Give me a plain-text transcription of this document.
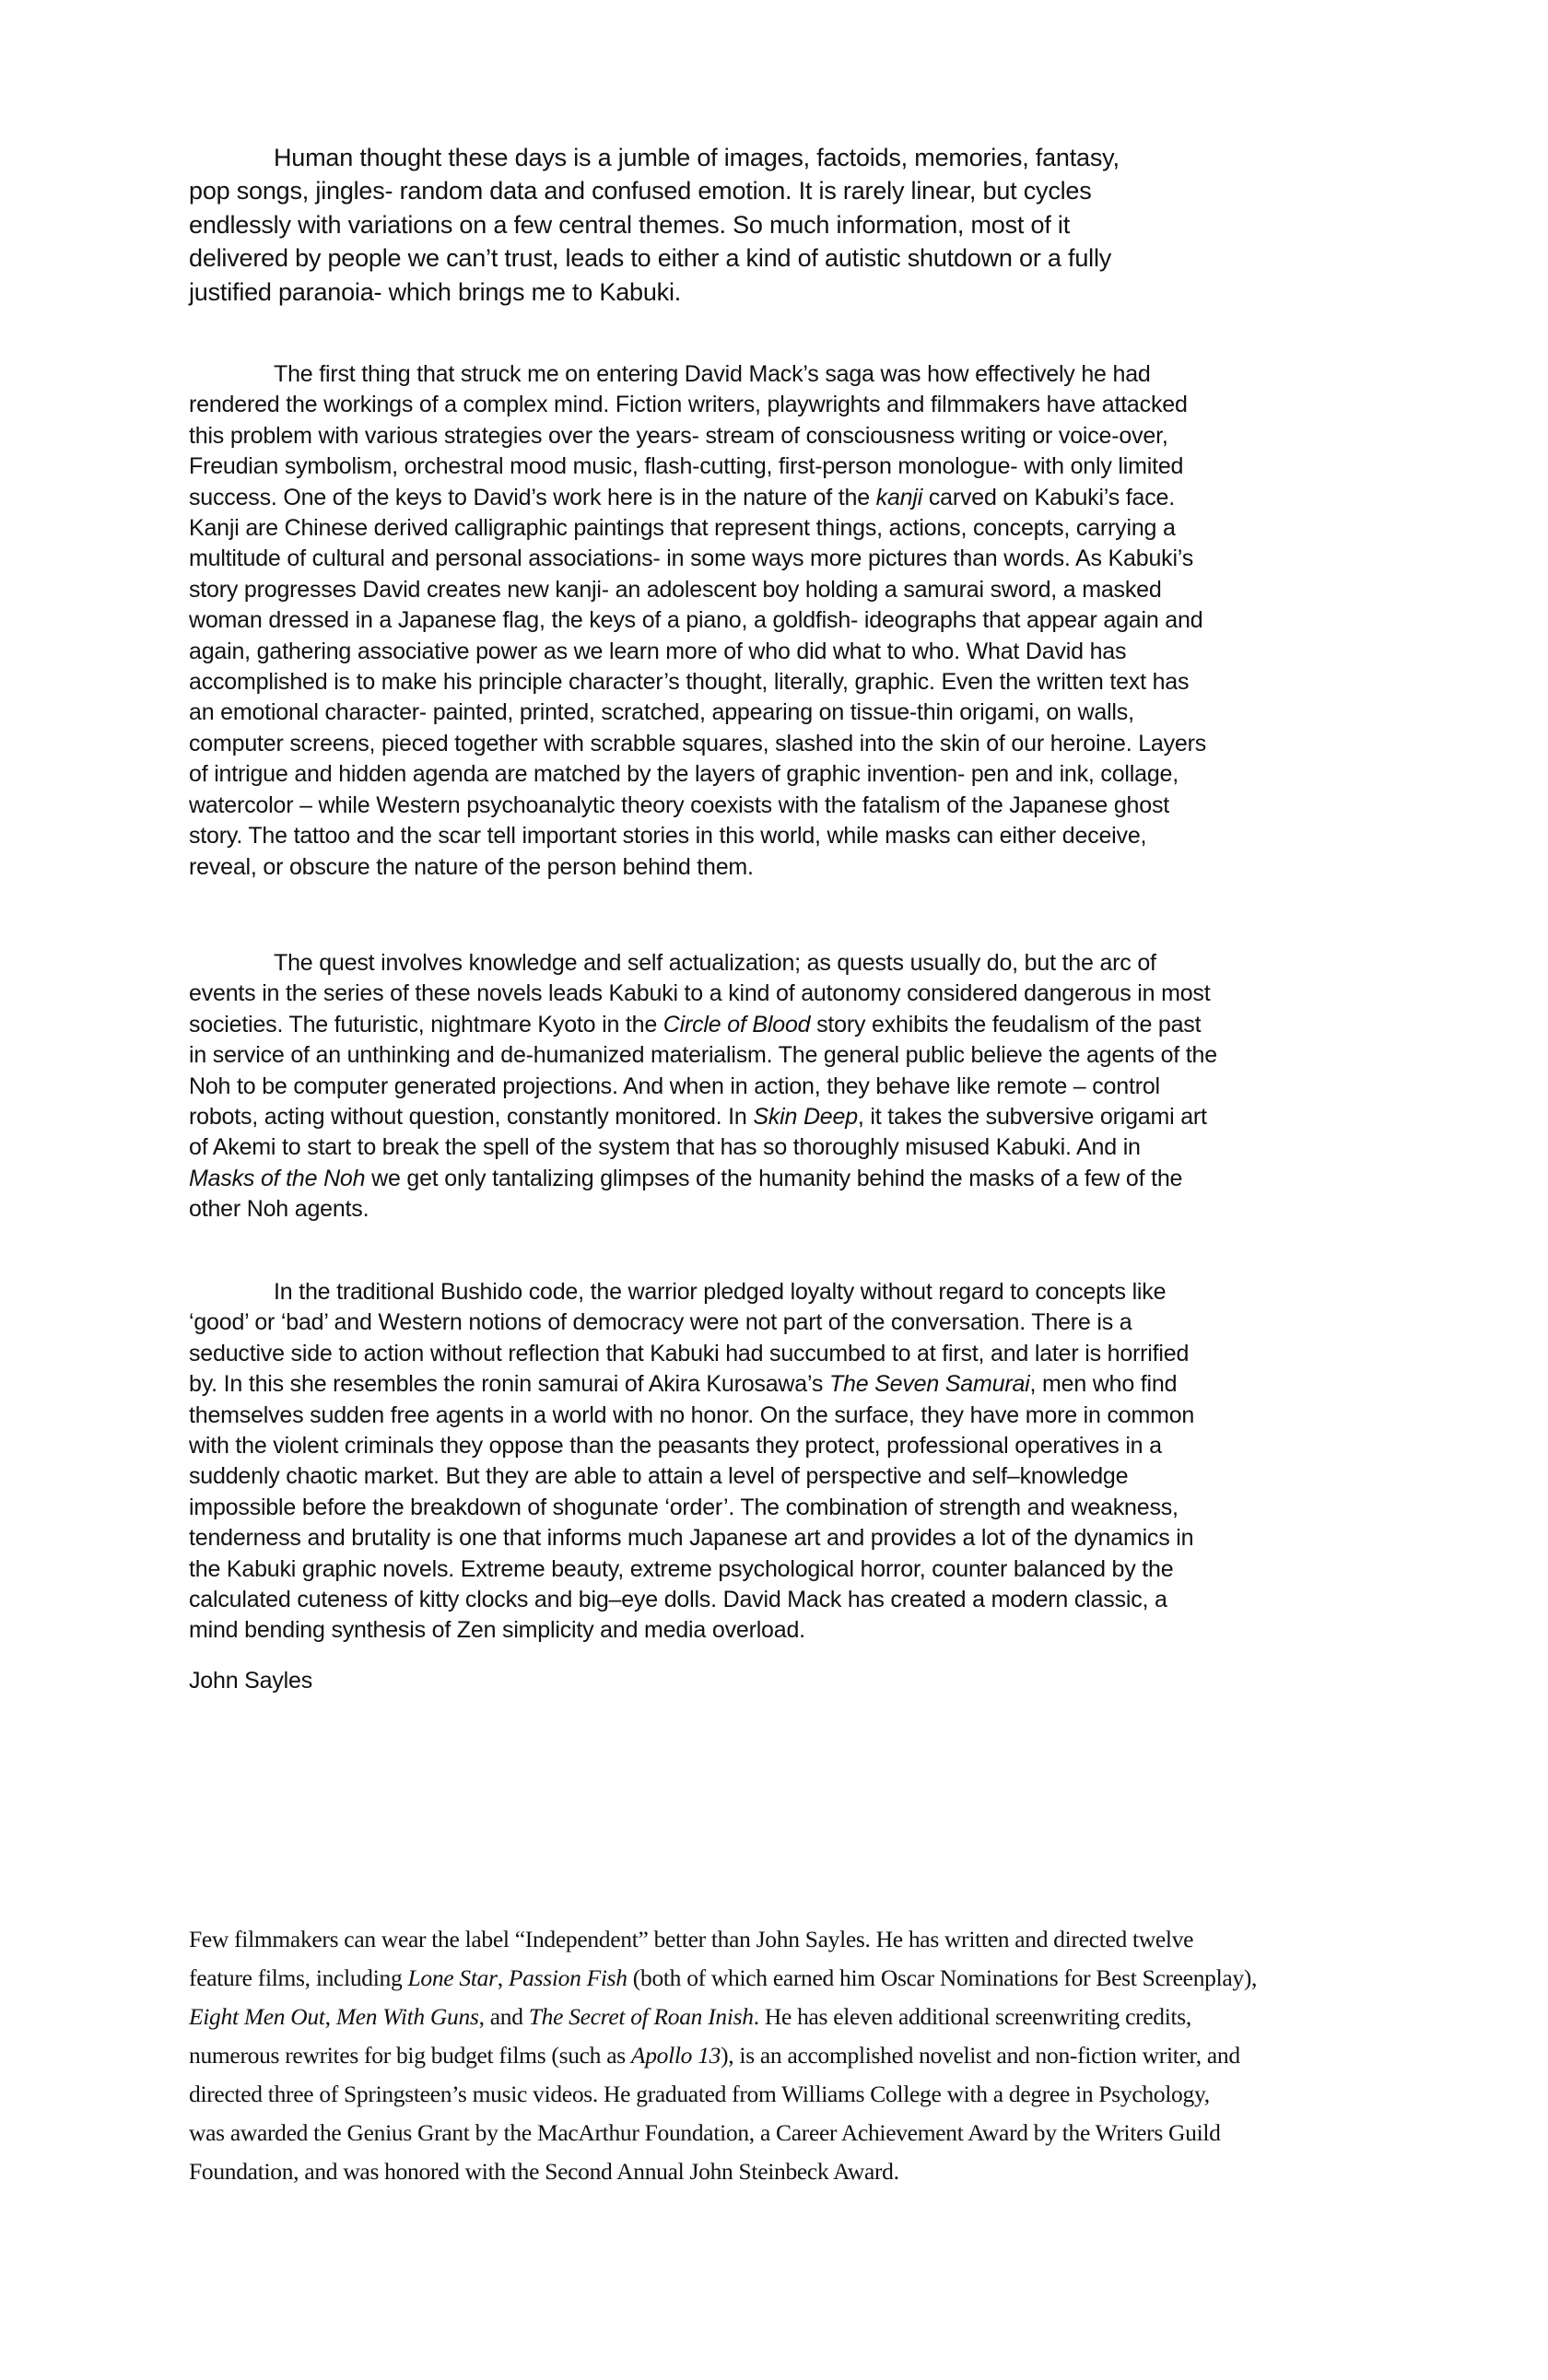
Human thought these days is a jumble of images, factoids, memories, fantasy,
pop songs, jingles- random data and confused emotion. It is rarely linear, but cycles
endlessly with variations on a few central themes. So much information, most of it
delivered by people we can’t trust, leads to either a kind of autistic shutdown or a fully
justified paranoia- which brings me to Kabuki.
The first thing that struck me on entering David Mack’s saga was how effectively he had
rendered the workings of a complex mind. Fiction writers, playwrights and filmmakers have attacked
this problem with various strategies over the years- stream of consciousness writing or voice-over,
Freudian symbolism, orchestral mood music, flash-cutting, first-person monologue- with only limited
success. One of the keys to David’s work here is in the nature of the kanji carved on Kabuki’s face.
Kanji are Chinese derived calligraphic paintings that represent things, actions, concepts, carrying a
multitude of cultural and personal associations- in some ways more pictures than words. As Kabuki’s
story progresses David creates new kanji- an adolescent boy holding a samurai sword, a masked
woman dressed in a Japanese flag, the keys of a piano, a goldfish- ideographs that appear again and
again, gathering associative power as we learn more of who did what to who. What David has
accomplished is to make his principle character’s thought, literally, graphic. Even the written text has
an emotional character- painted, printed, scratched, appearing on tissue-thin origami, on walls,
computer screens, pieced together with scrabble squares, slashed into the skin of our heroine. Layers
of intrigue and hidden agenda are matched by the layers of graphic invention- pen and ink, collage,
watercolor – while Western psychoanalytic theory coexists with the fatalism of the Japanese ghost
story. The tattoo and the scar tell important stories in this world, while masks can either deceive,
reveal, or obscure the nature of the person behind them.
The quest involves knowledge and self actualization; as quests usually do, but the arc of
events in the series of these novels leads Kabuki to a kind of autonomy considered dangerous in most
societies. The futuristic, nightmare Kyoto in the Circle of Blood story exhibits the feudalism of the past
in service of an unthinking and de-humanized materialism. The general public believe the agents of the
Noh to be computer generated projections. And when in action, they behave like remote – control
robots, acting without question, constantly monitored. In Skin Deep, it takes the subversive origami art
of Akemi to start to break the spell of the system that has so thoroughly misused Kabuki. And in
Masks of the Noh we get only tantalizing glimpses of the humanity behind the masks of a few of the
other Noh agents.
In the traditional Bushido code, the warrior pledged loyalty without regard to concepts like
‘good’ or ‘bad’ and Western notions of democracy were not part of the conversation. There is a
seductive side to action without reflection that Kabuki had succumbed to at first, and later is horrified
by. In this she resembles the ronin samurai of Akira Kurosawa’s The Seven Samurai, men who find
themselves sudden free agents in a world with no honor. On the surface, they have more in common
with the violent criminals they oppose than the peasants they protect, professional operatives in a
suddenly chaotic market. But they are able to attain a level of perspective and self–knowledge
impossible before the breakdown of shogunate ‘order’. The combination of strength and weakness,
tenderness and brutality is one that informs much Japanese art and provides a lot of the dynamics in
the Kabuki graphic novels. Extreme beauty, extreme psychological horror, counter balanced by the
calculated cuteness of kitty clocks and big–eye dolls. David Mack has created a modern classic, a
mind bending synthesis of Zen simplicity and media overload.
John Sayles
Few filmmakers can wear the label “Independent” better than John Sayles. He has written and directed twelve
feature films, including Lone Star, Passion Fish (both of which earned him Oscar Nominations for Best Screenplay),
Eight Men Out, Men With Guns, and The Secret of Roan Inish. He has eleven additional screenwriting credits,
numerous rewrites for big budget films (such as Apollo 13), is an accomplished novelist and non-fiction writer, and
directed three of Springsteen’s music videos. He graduated from Williams College with a degree in Psychology,
was awarded the Genius Grant by the MacArthur Foundation, a Career Achievement Award by the Writers Guild
Foundation, and was honored with the Second Annual John Steinbeck Award.
